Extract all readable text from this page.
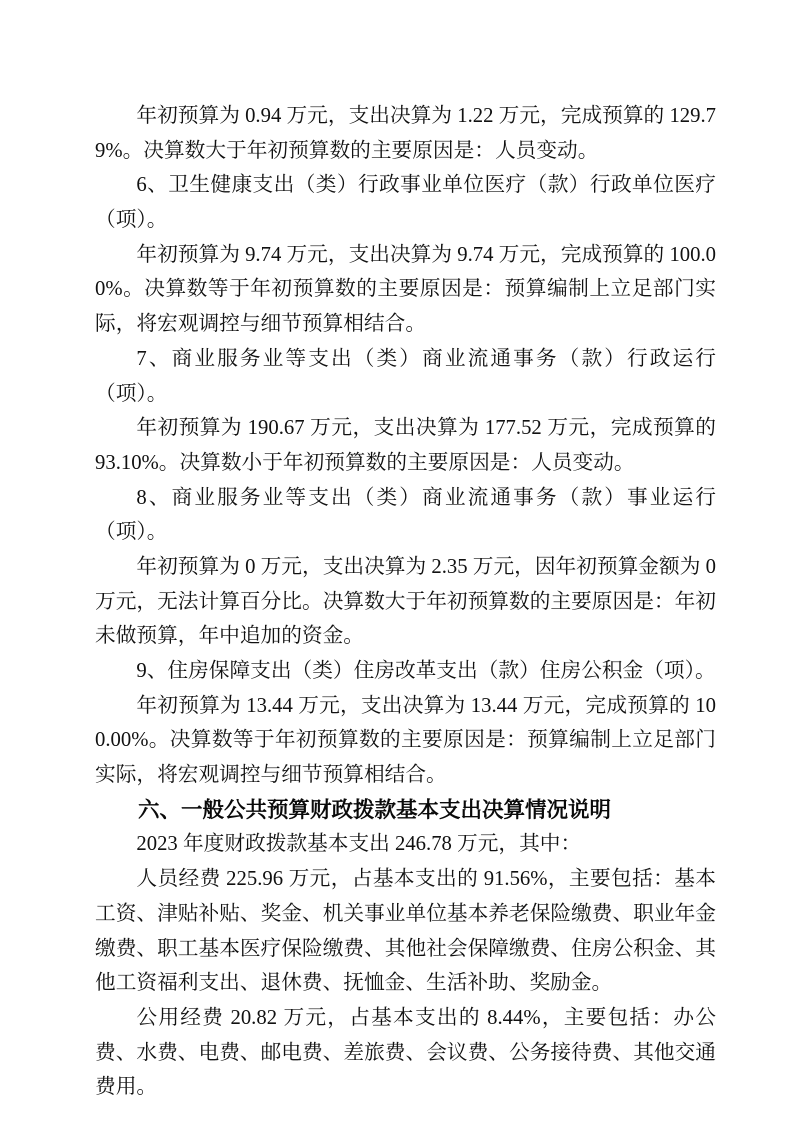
年初预算为 0.94 万元，支出决算为 1.22 万元，完成预算的 129.79%。决算数大于年初预算数的主要原因是：人员变动。

6、卫生健康支出（类）行政事业单位医疗（款）行政单位医疗（项）。

年初预算为 9.74 万元，支出决算为 9.74 万元，完成预算的 100.00%。决算数等于年初预算数的主要原因是：预算编制上立足部门实际，将宏观调控与细节预算相结合。

7、商业服务业等支出（类）商业流通事务（款）行政运行（项）。

年初预算为 190.67 万元，支出决算为 177.52 万元，完成预算的 93.10%。决算数小于年初预算数的主要原因是：人员变动。

8、商业服务业等支出（类）商业流通事务（款）事业运行（项）。

年初预算为 0 万元，支出决算为 2.35 万元，因年初预算金额为 0 万元，无法计算百分比。决算数大于年初预算数的主要原因是：年初未做预算，年中追加的资金。

9、住房保障支出（类）住房改革支出（款）住房公积金（项）。

年初预算为 13.44 万元，支出决算为 13.44 万元，完成预算的 100.00%。决算数等于年初预算数的主要原因是：预算编制上立足部门实际，将宏观调控与细节预算相结合。

六、一般公共预算财政拨款基本支出决算情况说明

2023 年度财政拨款基本支出 246.78 万元，其中：

人员经费 225.96 万元，占基本支出的 91.56%，主要包括：基本工资、津贴补贴、奖金、机关事业单位基本养老保险缴费、职业年金缴费、职工基本医疗保险缴费、其他社会保障缴费、住房公积金、其他工资福利支出、退休费、抚恤金、生活补助、奖励金。

公用经费 20.82 万元，占基本支出的 8.44%，主要包括：办公费、水费、电费、邮电费、差旅费、会议费、公务接待费、其他交通费用。
